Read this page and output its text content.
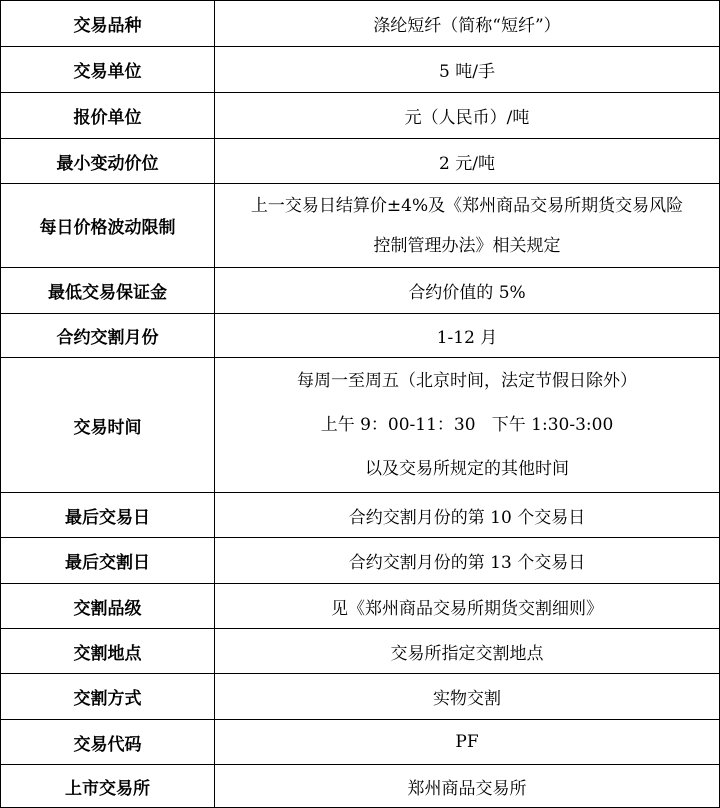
交易品种	涤纶短纤（简称“短纤”）

交易单位	5 吨/手

报价单位	元（人民币）/吨

最小变动价位	2 元/吨

每日价格波动限制	上一交易日结算价±4%及《郑州商品交易所期货交易风险
控制管理办法》相关规定

最低交易保证金	合约价值的 5%

合约交割月份	1-12 月

交易时间	每周一至周五（北京时间，法定节假日除外）
上午 9：00-11：30   下午 1:30-3:00
以及交易所规定的其他时间

最后交易日	合约交割月份的第 10 个交易日

最后交割日	合约交割月份的第 13 个交易日

交割品级	见《郑州商品交易所期货交割细则》

交割地点	交易所指定交割地点

交割方式	实物交割

交易代码	PF

上市交易所	郑州商品交易所
